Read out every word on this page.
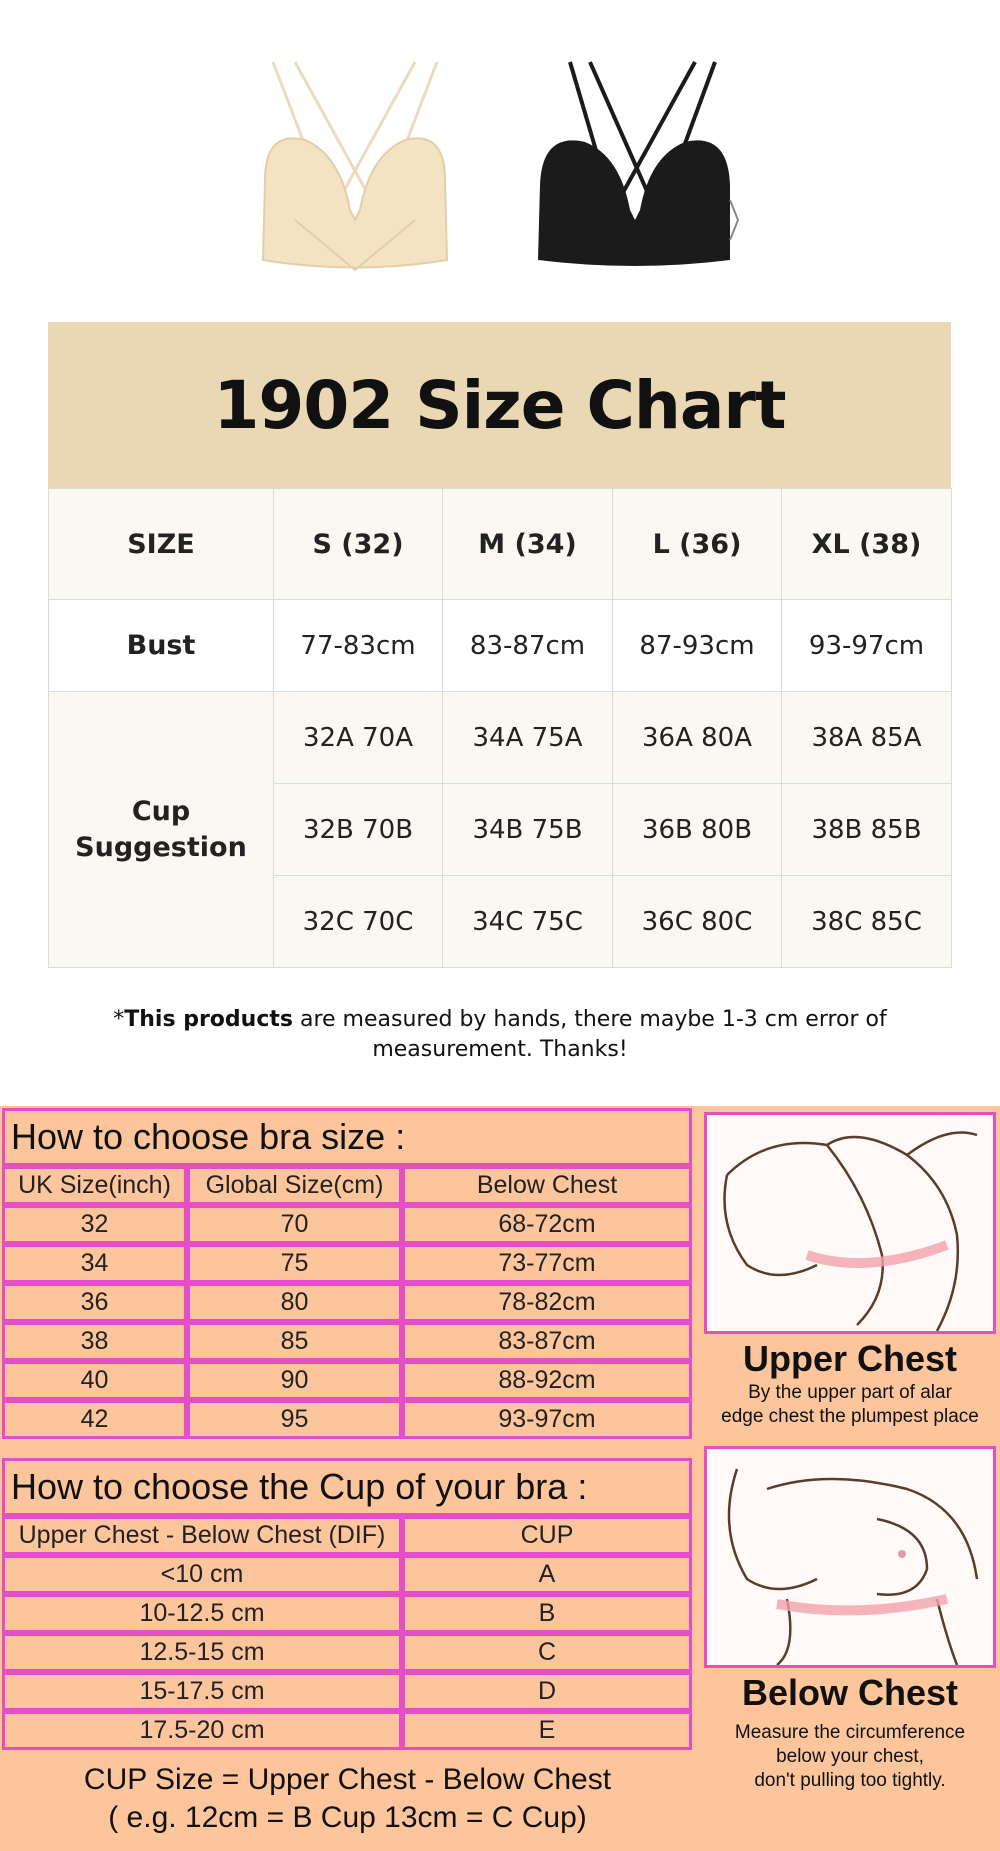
1902 Size Chart
SIZE	S (32)	M (34)	L (36)	XL (38)
Bust	77-83cm	83-87cm	87-93cm	93-97cm
Cup
Suggestion	32A 70A	34A 75A	36A 80A	38A 85A
	32B 70B	34B 75B	36B 80B	38B 85B
	32C 70C	34C 75C	36C 80C	38C 85C
*This products are measured by hands, there maybe 1-3 cm error of measurement. Thanks!
How to choose bra size :
UK Size(inch)	Global Size(cm)	Below Chest
32	70	68-72cm
34	75	73-77cm
36	80	78-82cm
38	85	83-87cm
40	90	88-92cm
42	95	93-97cm
How to choose the Cup of your bra :
Upper Chest - Below Chest (DIF)	CUP
<10 cm	A
10-12.5 cm	B
12.5-15 cm	C
15-17.5 cm	D
17.5-20 cm	E
CUP Size = Upper Chest - Below Chest
( e.g. 12cm = B Cup 13cm = C Cup)
Upper Chest
By the upper part of alar
edge chest the plumpest place
Below Chest
Measure the circumference
below your chest,
don't pulling too tightly.
